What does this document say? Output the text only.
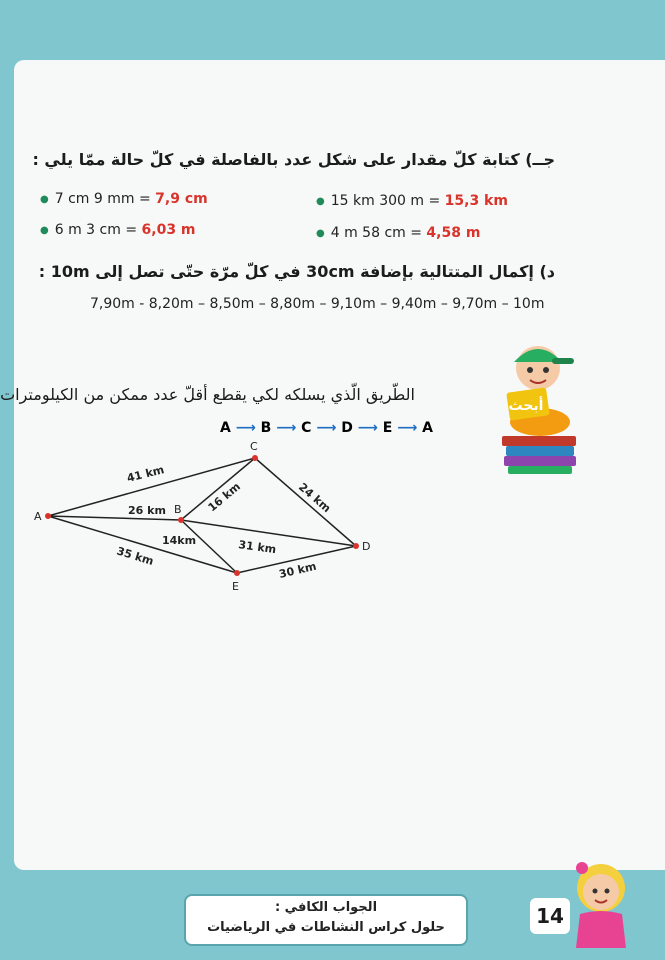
جــ) كتابة كلّ مقدار على شكل عدد بالفاصلة في كلّ حالة ممّا يلي :
● 15 km 300 m = 15,3 km
● 7 cm 9 mm = 7,9 cm
● 4 m 58 cm = 4,58 m
● 6 m 3 cm = 6,03 m
د) إكمال المتتالية بإضافة 30cm في كلّ مرّة حتّى تصل إلى 10m :
7,90m - 8,20m – 8,50m – 8,80m – 9,10m – 9,40m – 9,70m – 10m
أبحث
الطّريق الّذي يسلكه لكي يقطع أقلّ عدد ممكن من الكيلومترات
A ⟶ B ⟶ C ⟶ D ⟶ E ⟶ A
A
B
C
D
E
41 km
26 km
35 km
16 km
14km	31 km
24 km
30 km
الجواب الكافي :
حلول كراس النشاطات في الرياضيات	14
